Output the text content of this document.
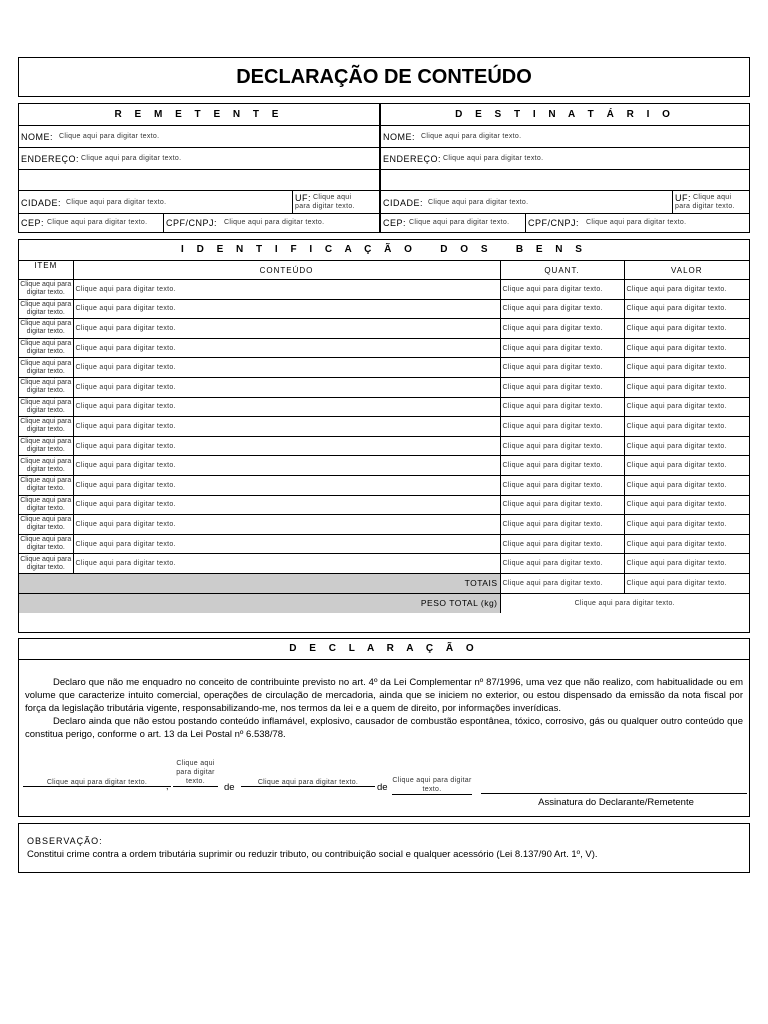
DECLARAÇÃO DE CONTEÚDO
R E M E T E N T E
NOME: Clique aqui para digitar texto.
ENDEREÇO: Clique aqui para digitar texto.
CIDADE: Clique aqui para digitar texto.	UF: Clique aqui para digitar texto.
CEP: Clique aqui para digitar texto. CPF/CNPJ: Clique aqui para digitar texto.
D E S T I N A T Á R I O
NOME: Clique aqui para digitar texto.
ENDEREÇO: Clique aqui para digitar texto.
CIDADE: Clique aqui para digitar texto.	UF: Clique aqui para digitar texto.
CEP: Clique aqui para digitar texto. CPF/CNPJ: Clique aqui para digitar texto.
I D E N T I F I C A Ç Ã O   D O S   B E N S
ITEM	CONTEÚDO	QUANT.	VALOR
Clique aqui para digitar texto.	Clique aqui para digitar texto.	Clique aqui para digitar texto.	Clique aqui para digitar texto.
Clique aqui para digitar texto.	Clique aqui para digitar texto.	Clique aqui para digitar texto.	Clique aqui para digitar texto.
Clique aqui para digitar texto.	Clique aqui para digitar texto.	Clique aqui para digitar texto.	Clique aqui para digitar texto.
Clique aqui para digitar texto.	Clique aqui para digitar texto.	Clique aqui para digitar texto.	Clique aqui para digitar texto.
Clique aqui para digitar texto.	Clique aqui para digitar texto.	Clique aqui para digitar texto.	Clique aqui para digitar texto.
Clique aqui para digitar texto.	Clique aqui para digitar texto.	Clique aqui para digitar texto.	Clique aqui para digitar texto.
Clique aqui para digitar texto.	Clique aqui para digitar texto.	Clique aqui para digitar texto.	Clique aqui para digitar texto.
Clique aqui para digitar texto.	Clique aqui para digitar texto.	Clique aqui para digitar texto.	Clique aqui para digitar texto.
Clique aqui para digitar texto.	Clique aqui para digitar texto.	Clique aqui para digitar texto.	Clique aqui para digitar texto.
Clique aqui para digitar texto.	Clique aqui para digitar texto.	Clique aqui para digitar texto.	Clique aqui para digitar texto.
Clique aqui para digitar texto.	Clique aqui para digitar texto.	Clique aqui para digitar texto.	Clique aqui para digitar texto.
Clique aqui para digitar texto.	Clique aqui para digitar texto.	Clique aqui para digitar texto.	Clique aqui para digitar texto.
Clique aqui para digitar texto.	Clique aqui para digitar texto.	Clique aqui para digitar texto.	Clique aqui para digitar texto.
Clique aqui para digitar texto.	Clique aqui para digitar texto.	Clique aqui para digitar texto.	Clique aqui para digitar texto.
Clique aqui para digitar texto.	Clique aqui para digitar texto.	Clique aqui para digitar texto.	Clique aqui para digitar texto.
TOTAIS		Clique aqui para digitar texto.	Clique aqui para digitar texto.
PESO TOTAL (kg)		Clique aqui para digitar texto.	
D E C L A R A Ç Ã O

Declaro que não me enquadro no conceito de contribuinte previsto no art. 4º da Lei Complementar nº 87/1996, uma vez que não realizo, com habitualidade ou em volume que caracterize intuito comercial, operações de circulação de mercadoria, ainda que se iniciem no exterior, ou estou dispensado da emissão da nota fiscal por força da legislação tributária vigente, responsabilizando-me, nos termos da lei e a quem de direito, por informações inverídicas.

Declaro ainda que não estou postando conteúdo inflamável, explosivo, causador de combustão espontânea, tóxico, corrosivo, gás ou qualquer outro conteúdo que constitua perigo, conforme o art. 13 da Lei Postal nº 6.538/78.

Clique aqui para digitar texto.	,
Clique aqui para digitar texto.
de	Clique aqui para digitar texto.	de
Clique aqui para digitar texto.
Assinatura do Declarante/Remetente
OBSERVAÇÃO:
Constitui crime contra a ordem tributária suprimir ou reduzir tributo, ou contribuição social e qualquer acessório (Lei 8.137/90 Art. 1º, V).
